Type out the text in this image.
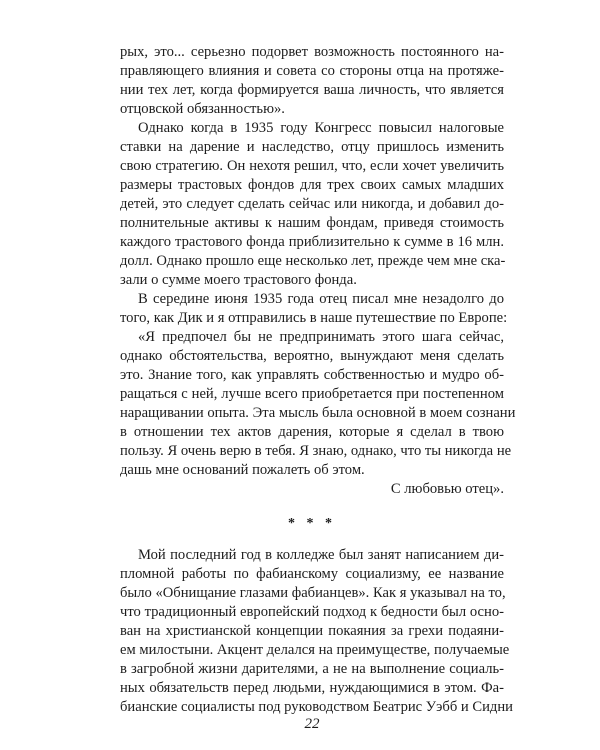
рых, это... серьезно подорвет возможность постоянного на-
правляющего влияния и совета со стороны отца на протяже-
нии тех лет, когда формируется ваша личность, что является
отцовской обязанностью».
Однако когда в 1935 году Конгресс повысил налоговые
ставки на дарение и наследство, отцу пришлось изменить
свою стратегию. Он нехотя решил, что, если хочет увеличить
размеры трастовых фондов для трех своих самых младших
детей, это следует сделать сейчас или никогда, и добавил до-
полнительные активы к нашим фондам, приведя стоимость
каждого трастового фонда приблизительно к сумме в 16 млн.
долл. Однако прошло еще несколько лет, прежде чем мне ска-
зали о сумме моего трастового фонда.
В середине июня 1935 года отец писал мне незадолго до
того, как Дик и я отправились в наше путешествие по Европе:
«Я предпочел бы не предпринимать этого шага сейчас,
однако обстоятельства, вероятно, вынуждают меня сделать
это. Знание того, как управлять собственностью и мудро об-
ращаться с ней, лучше всего приобретается при постепенном
наращивании опыта. Эта мысль была основной в моем сознани
в отношении тех актов дарения, которые я сделал в твою
пользу. Я очень верю в тебя. Я знаю, однако, что ты никогда не
дашь мне оснований пожалеть об этом.
С любовью отец».
* * *
Мой последний год в колледже был занят написанием ди-
пломной работы по фабианскому социализму, ее название
было «Обнищание глазами фабианцев». Как я указывал на то,
что традиционный европейский подход к бедности был осно-
ван на христианской концепции покаяния за грехи подаяни-
ем милостыни. Акцент делался на преимуществе, получаемые
в загробной жизни дарителями, а не на выполнение социаль-
ных обязательств перед людьми, нуждающимися в этом. Фа-
бианские социалисты под руководством Беатрис Уэбб и Сидни
22
